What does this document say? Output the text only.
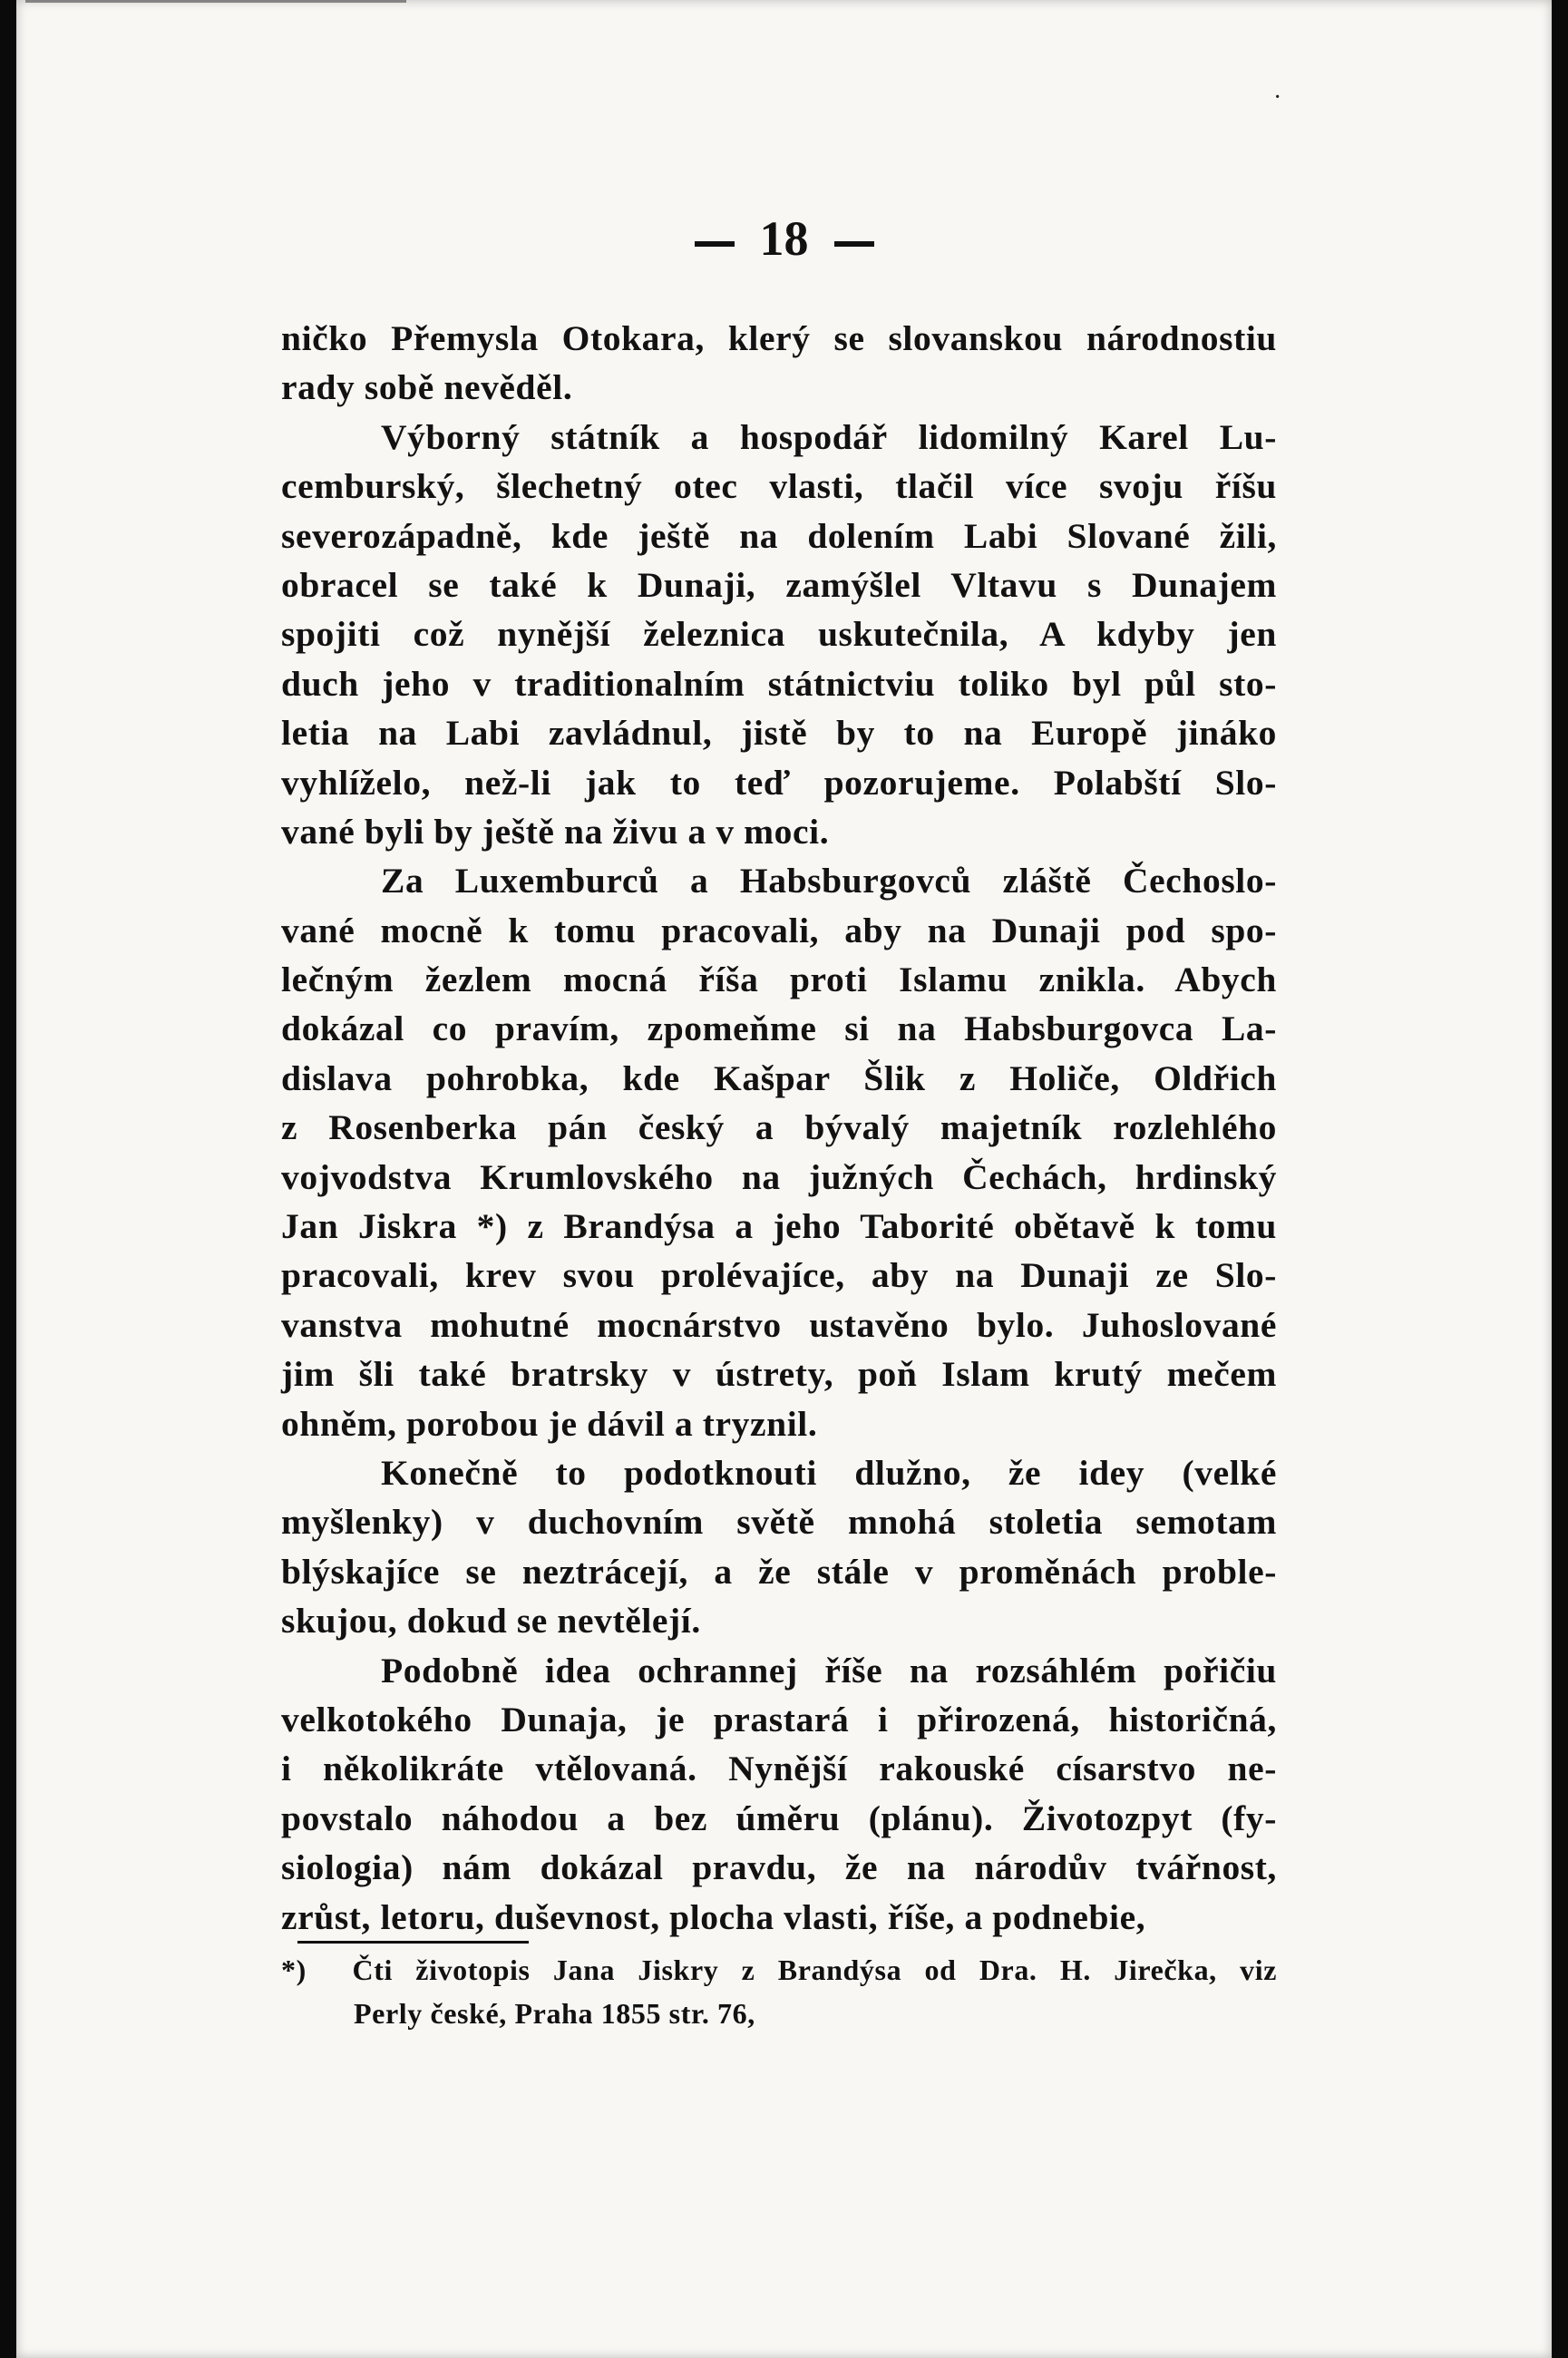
·
18
ničko Přemysla Otokara, klerý se slovanskou národnostiu
rady sobě nevěděl.
Výborný státník a hospodář lidomilný Karel Lu-
cemburský, šlechetný otec vlasti, tlačil více svoju říšu
severozápadně, kde ještě na dolením Labi Slované žili,
obracel se také k Dunaji, zamýšlel Vltavu s Dunajem
spojiti což nynější železnica uskutečnila, A kdyby jen
duch jeho v traditionalním státnictviu toliko byl půl sto-
letia na Labi zavládnul, jistě by to na Europě jináko
vyhlíželo, než-li jak to teď pozorujeme. Polabští Slo-
vané byli by ještě na živu a v moci.
Za Luxemburců a Habsburgovců zláště Čechoslo-
vané mocně k tomu pracovali, aby na Dunaji pod spo-
lečným žezlem mocná říša proti Islamu znikla. Abych
dokázal co pravím, zpomeňme si na Habsburgovca La-
dislava pohrobka, kde Kašpar Šlik z Holiče, Oldřich
z Rosenberka pán český a bývalý majetník rozlehlého
vojvodstva Krumlovského na južných Čechách, hrdinský
Jan Jiskra *) z Brandýsa a jeho Taborité obětavě k tomu
pracovali, krev svou prolévajíce, aby na Dunaji ze Slo-
vanstva mohutné mocnárstvo ustavěno bylo. Juhoslované
jim šli také bratrsky v ústrety, poň Islam krutý mečem
ohněm, porobou je dávil a tryznil.
Konečně to podotknouti dlužno, že idey (velké
myšlenky) v duchovním světě mnohá stoletia semotam
blýskajíce se neztrácejí, a že stále v proměnách proble-
skujou, dokud se nevtělejí.
Podobně idea ochrannej říše na rozsáhlém pořičiu
velkotokého Dunaja, je prastará i přirozená, historičná,
i několikráte vtělovaná. Nynější rakouské císarstvo ne-
povstalo náhodou a bez úměru (plánu). Životozpyt (fy-
siologia) nám dokázal pravdu, že na národův tvářnost,
zrůst, letoru, duševnost, plocha vlasti, říše, a podnebie,
*) Čti životopis Jana Jiskry z Brandýsa od Dra. H. Jirečka, viz
Perly české, Praha 1855 str. 76,
